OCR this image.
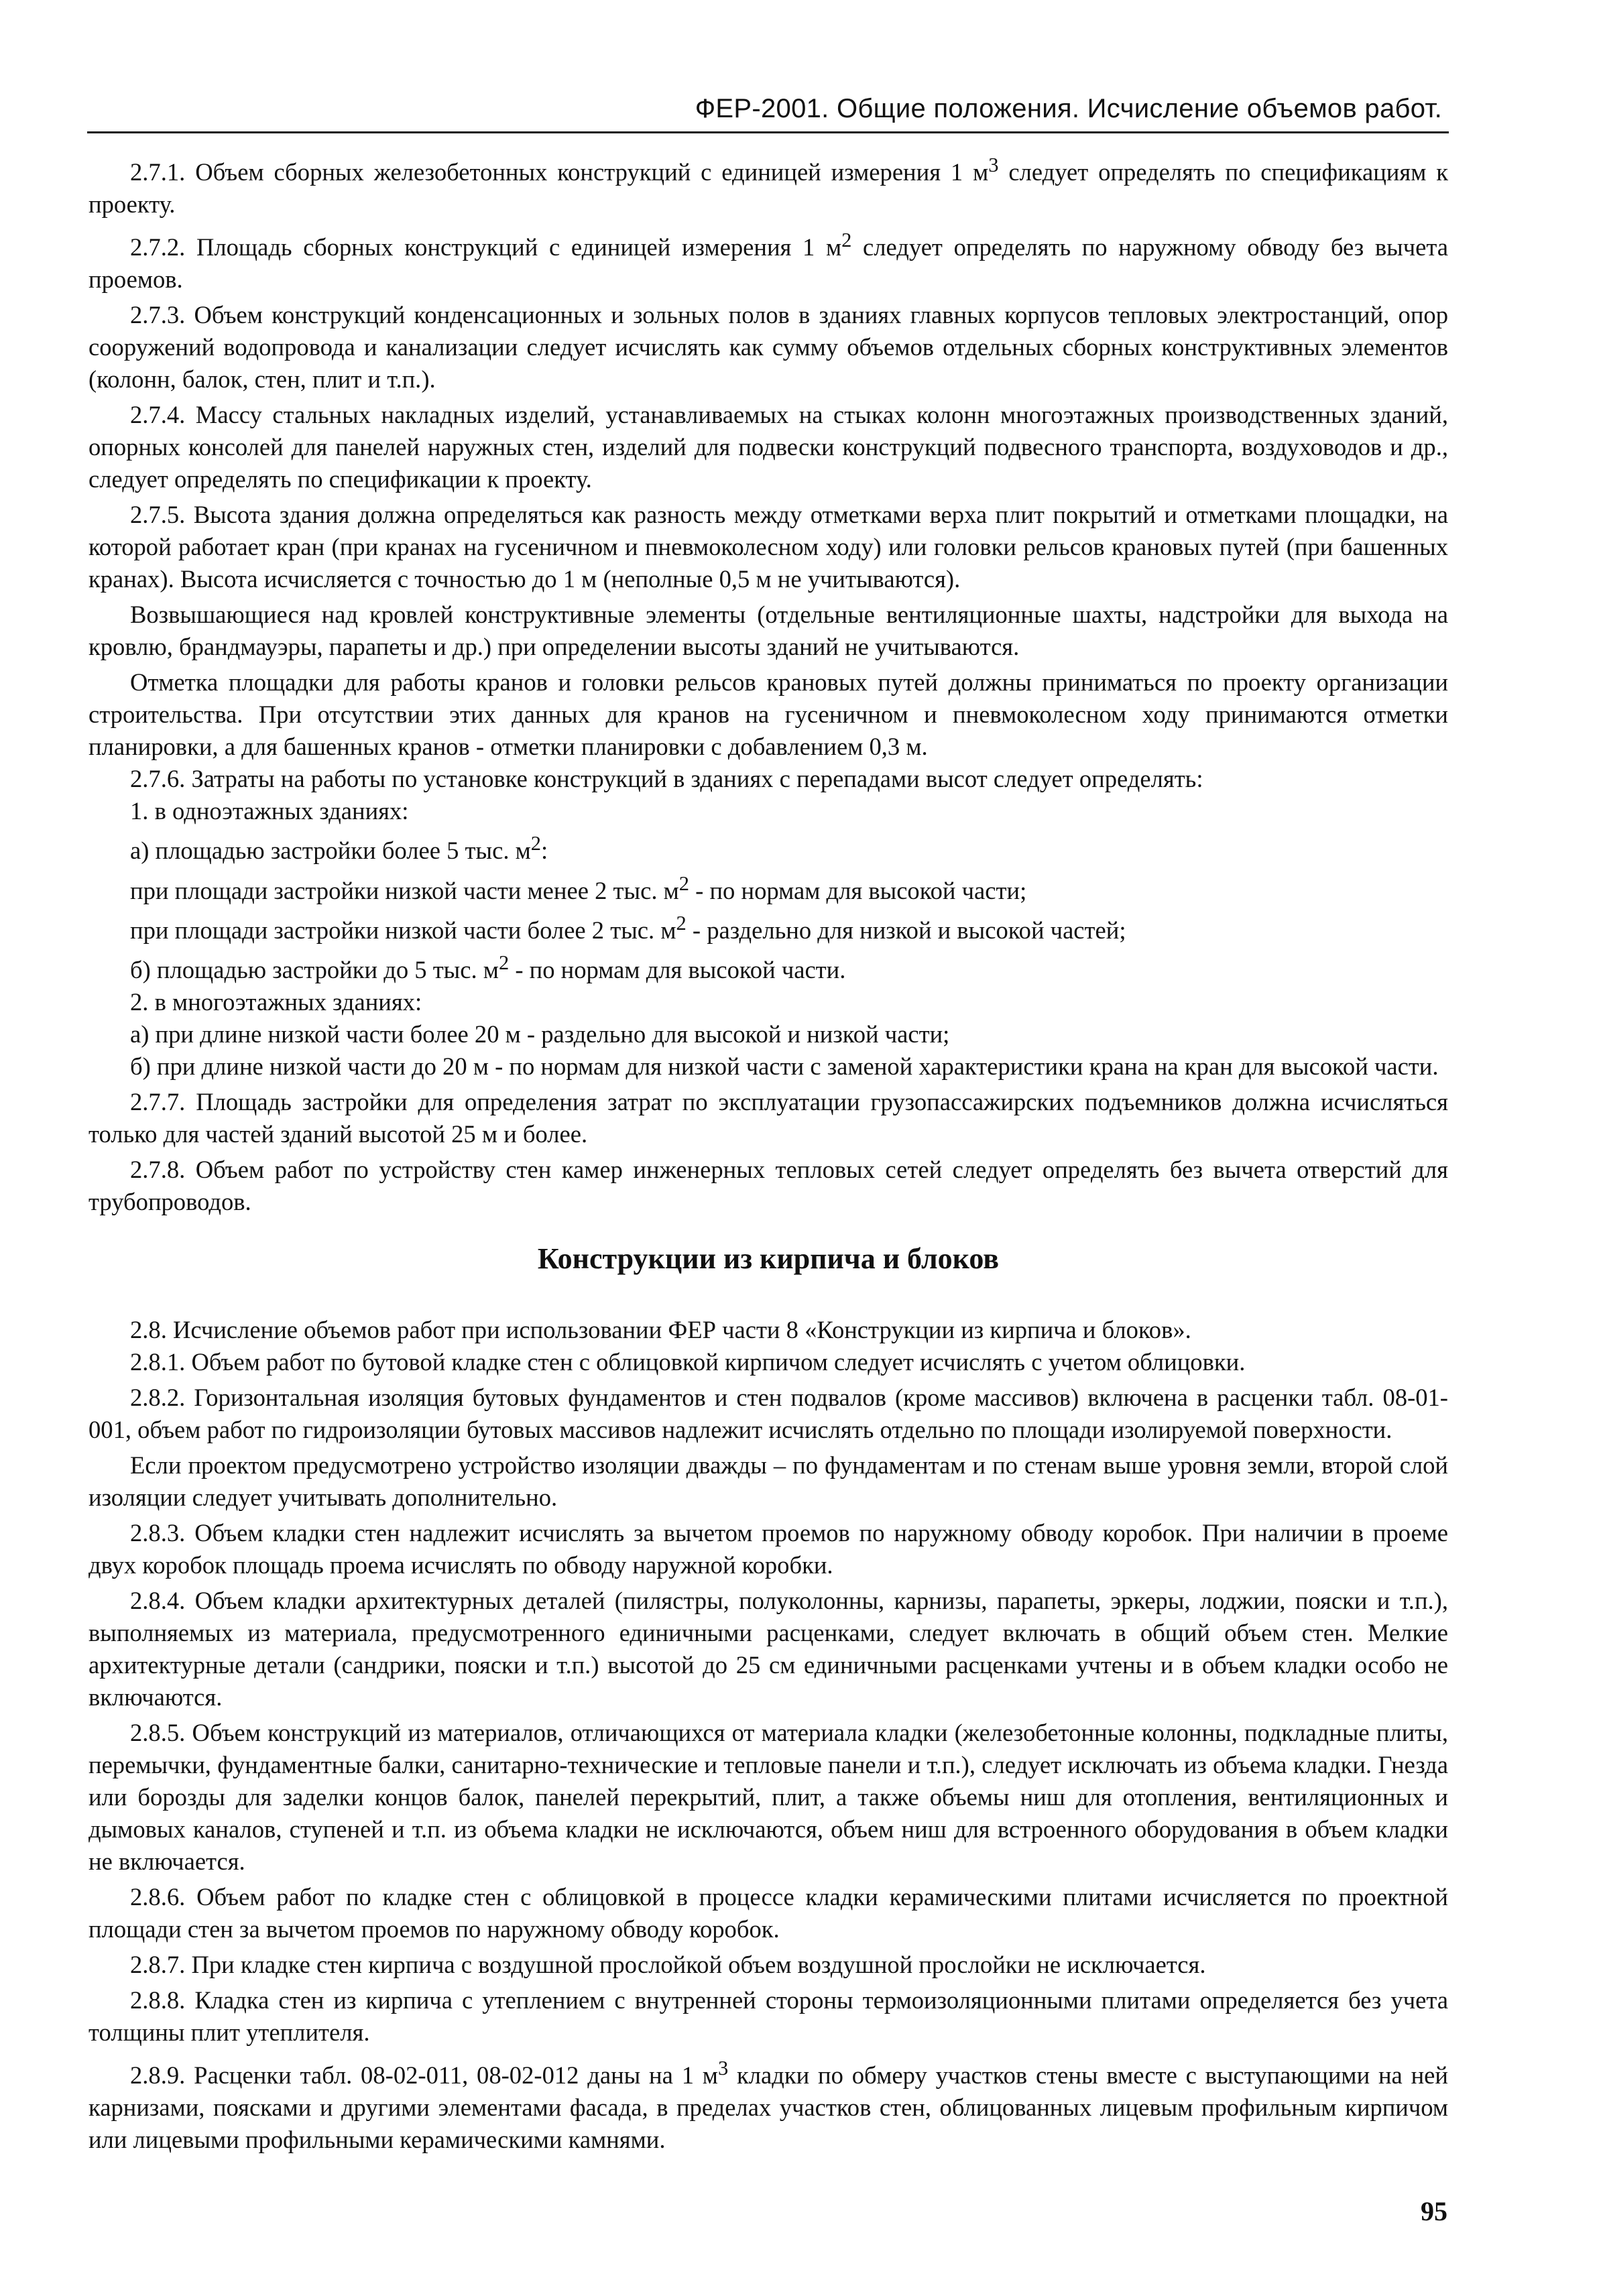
ФЕР-2001. Общие положения. Исчисление объемов работ.

2.7.1. Объем сборных железобетонных конструкций с единицей измерения 1 $м^3$ следует определять по спецификациям к проекту.

2.7.2. Площадь сборных конструкций с единицей измерения 1 $м^2$ следует определять по наружному обводу без вычета проемов.

2.7.3. Объем конструкций конденсационных и зольных полов в зданиях главных корпусов тепловых электростанций, опор сооружений водопровода и канализации следует исчислять как сумму объемов отдельных сборных конструктивных элементов (колонн, балок, стен, плит и т.п.).

2.7.4. Массу стальных накладных изделий, устанавливаемых на стыках колонн многоэтажных производственных зданий, опорных консолей для панелей наружных стен, изделий для подвески конструкций подвесного транспорта, воздуховодов и др., следует определять по спецификации к проекту.

2.7.5. Высота здания должна определяться как разность между отметками верха плит покрытий и отметками площадки, на которой работает кран (при кранах на гусеничном и пневмоколесном ходу) или головки рельсов крановых путей (при башенных кранах). Высота исчисляется с точностью до 1 м (неполные 0,5 м не учитываются).

Возвышающиеся над кровлей конструктивные элементы (отдельные вентиляционные шахты, надстройки для выхода на кровлю, брандмауэры, парапеты и др.) при определении высоты зданий не учитываются.

Отметка площадки для работы кранов и головки рельсов крановых путей должны приниматься по проекту организации строительства. При отсутствии этих данных для кранов на гусеничном и пневмоколесном ходу принимаются отметки планировки, а для башенных кранов - отметки планировки с добавлением 0,3 м.

2.7.6. Затраты на работы по установке конструкций в зданиях с перепадами высот следует определять:

1. в одноэтажных зданиях:

а) площадью застройки более 5 тыс. $м^2$:

при площади застройки низкой части менее 2 тыс. $м^2$ - по нормам для высокой части;

при площади застройки низкой части более 2 тыс. $м^2$ - раздельно для низкой и высокой частей;

б) площадью застройки до 5 тыс. $м^2$ - по нормам для высокой части.

2. в многоэтажных зданиях:

а) при длине низкой части более 20 м - раздельно для высокой и низкой части;

б) при длине низкой части до 20 м - по нормам для низкой части с заменой характеристики крана на кран для высокой части.

2.7.7. Площадь застройки для определения затрат по эксплуатации грузопассажирских подъемников должна исчисляться только для частей зданий высотой 25 м и более.

2.7.8. Объем работ по устройству стен камер инженерных тепловых сетей следует определять без вычета отверстий для трубопроводов.

Конструкции из кирпича и блоков

2.8. Исчисление объемов работ при использовании ФЕР части 8 «Конструкции из кирпича и блоков».

2.8.1. Объем работ по бутовой кладке стен с облицовкой кирпичом следует исчислять с учетом облицовки.

2.8.2. Горизонтальная изоляция бутовых фундаментов и стен подвалов (кроме массивов) включена в расценки табл. 08-01-001, объем работ по гидроизоляции бутовых массивов надлежит исчислять отдельно по площади изолируемой поверхности.

Если проектом предусмотрено устройство изоляции дважды – по фундаментам и по стенам выше уровня земли, второй слой изоляции следует учитывать дополнительно.

2.8.3. Объем кладки стен надлежит исчислять за вычетом проемов по наружному обводу коробок. При наличии в проеме двух коробок площадь проема исчислять по обводу наружной коробки.

2.8.4. Объем кладки архитектурных деталей (пилястры, полуколонны, карнизы, парапеты, эркеры, лоджии, пояски и т.п.), выполняемых из материала, предусмотренного единичными расценками, следует включать в общий объем стен. Мелкие архитектурные детали (сандрики, пояски и т.п.) высотой до 25 см единичными расценками учтены и в объем кладки особо не включаются.

2.8.5. Объем конструкций из материалов, отличающихся от материала кладки (железобетонные колонны, подкладные плиты, перемычки, фундаментные балки, санитарно-технические и тепловые панели и т.п.), следует исключать из объема кладки. Гнезда или борозды для заделки концов балок, панелей перекрытий, плит, а также объемы ниш для отопления, вентиляционных и дымовых каналов, ступеней и т.п. из объема кладки не исключаются, объем ниш для встроенного оборудования в объем кладки не включается.

2.8.6. Объем работ по кладке стен с облицовкой в процессе кладки керамическими плитами исчисляется по проектной площади стен за вычетом проемов по наружному обводу коробок.

2.8.7. При кладке стен кирпича с воздушной прослойкой объем воздушной прослойки не исключается.

2.8.8. Кладка стен из кирпича с утеплением с внутренней стороны термоизоляционными плитами определяется без учета толщины плит утеплителя.

2.8.9. Расценки табл. 08-02-011, 08-02-012 даны на 1 $м^3$ кладки по обмеру участков стены вместе с выступающими на ней карнизами, поясками и другими элементами фасада, в пределах участков стен, облицованных лицевым профильным кирпичом или лицевыми профильными керамическими камнями.

95
